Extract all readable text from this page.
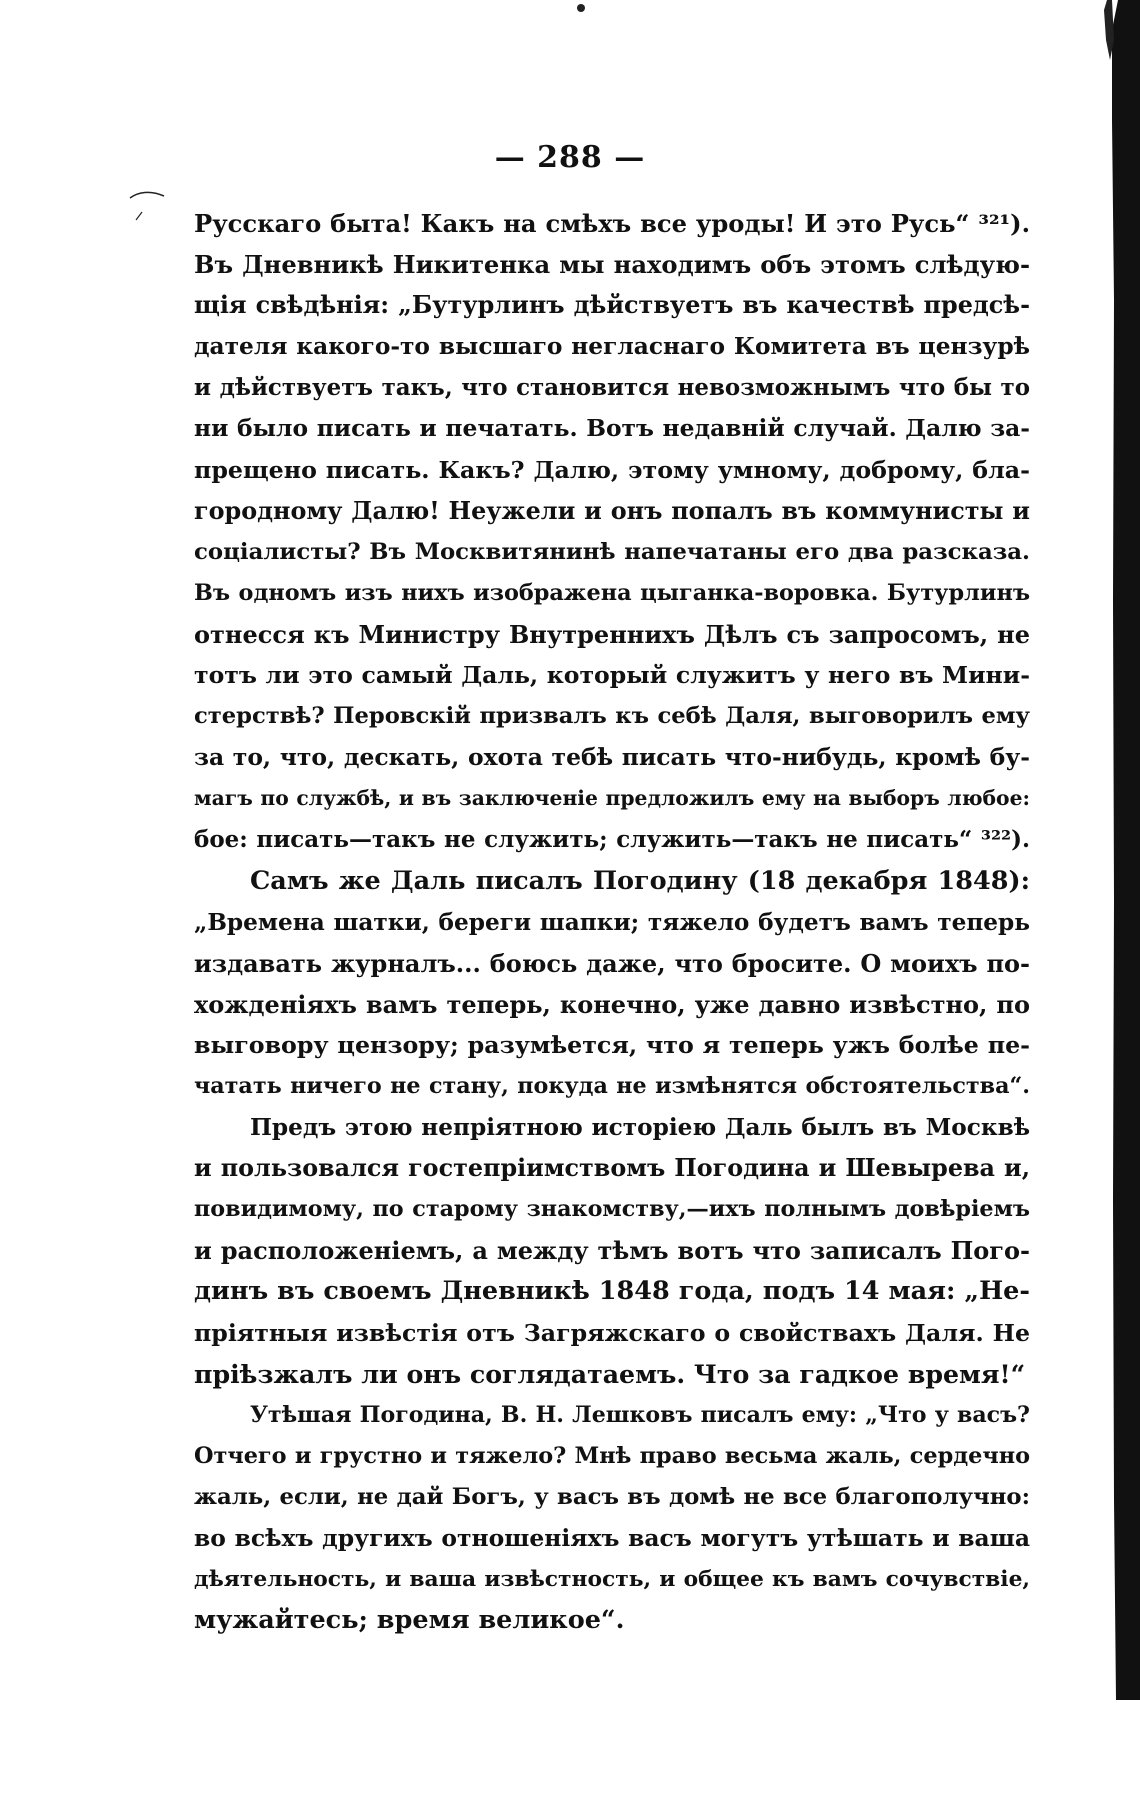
— 288 —
Русскаго быта! Какъ на смѣхъ все уроды! И это Русь“ ³²¹).
Въ Дневникѣ Никитенка мы находимъ объ этомъ слѣдую-
щія свѣдѣнія: „Бутурлинъ дѣйствуетъ въ качествѣ предсѣ-
дателя какого-то высшаго негласнаго Комитета въ цензурѣ
и дѣйствуетъ такъ, что становится невозможнымъ что бы то
ни было писать и печатать. Вотъ недавній случай. Далю за-
прещено писать. Какъ? Далю, этому умному, доброму, бла-
городному Далю! Неужели и онъ попалъ въ коммунисты и
соціалисты? Въ Москвитянинѣ напечатаны его два разсказа.
Въ одномъ изъ нихъ изображена цыганка-воровка. Бутурлинъ
отнесся къ Министру Внутреннихъ Дѣлъ съ запросомъ, не
тотъ ли это самый Даль, который служитъ у него въ Мини-
стерствѣ? Перовскій призвалъ къ себѣ Даля, выговорилъ ему
за то, что, дескать, охота тебѣ писать что-нибудь, кромѣ бу-
магъ по службѣ, и въ заключеніе предложилъ ему на выборъ любое:
бое: писать—такъ не служить; служить—такъ не писать“ ³²²).
Самъ же Даль писалъ Погодину (18 декабря 1848):
„Времена шатки, береги шапки; тяжело будетъ вамъ теперь
издавать журналъ... боюсь даже, что бросите. О моихъ по-
хожденіяхъ вамъ теперь, конечно, уже давно извѣстно, по
выговору цензору; разумѣется, что я теперь ужъ болѣе пе-
чатать ничего не стану, покуда не измѣнятся обстоятельства“.
Предъ этою непріятною исторіею Даль былъ въ Москвѣ
и пользовался гостепріимствомъ Погодина и Шевырева и,
повидимому, по старому знакомству,—ихъ полнымъ довѣріемъ
и расположеніемъ, а между тѣмъ вотъ что записалъ Пого-
динъ въ своемъ Дневникѣ 1848 года, подъ 14 мая: „Не-
пріятныя извѣстія отъ Загряжскаго о свойствахъ Даля. Не
пріѣзжалъ ли онъ соглядатаемъ. Что за гадкое время!“
Утѣшая Погодина, В. Н. Лешковъ писалъ ему: „Что у васъ?
Отчего и грустно и тяжело? Мнѣ право весьма жаль, сердечно
жаль, если, не дай Богъ, у васъ въ домѣ не все благополучно:
во всѣхъ другихъ отношеніяхъ васъ могутъ утѣшать и ваша
дѣятельность, и ваша извѣстность, и общее къ вамъ сочувствіе,
мужайтесь; время великое“.
